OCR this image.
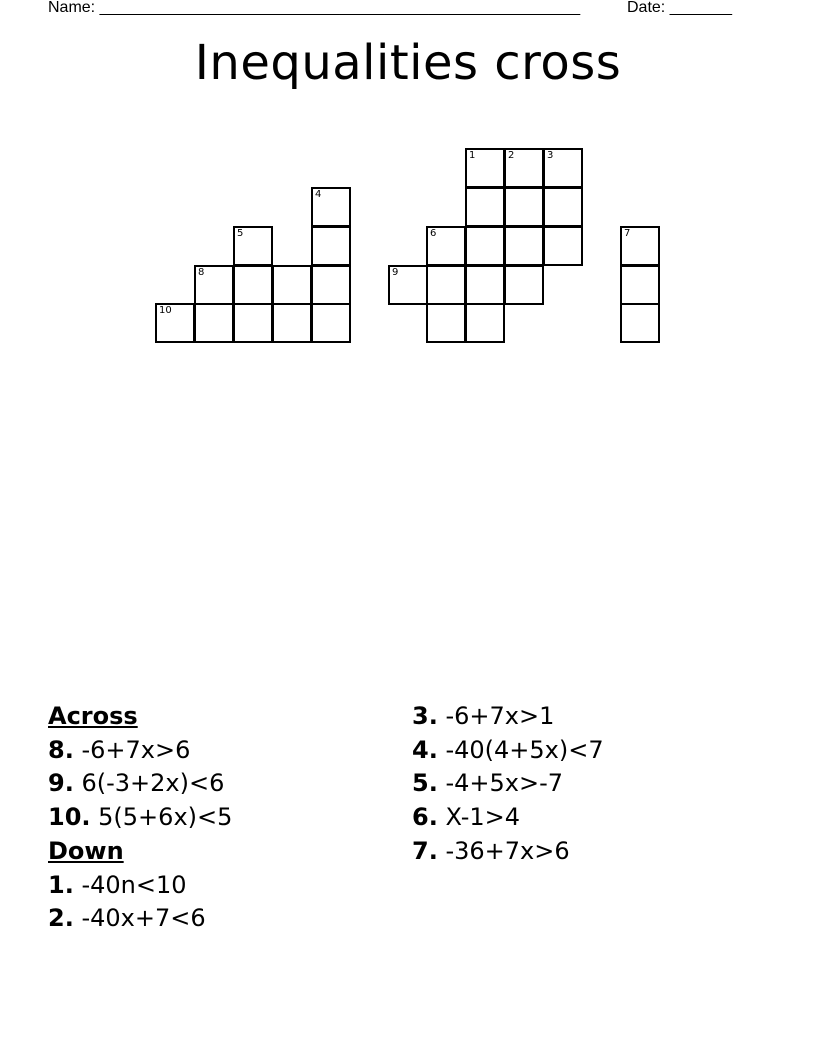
Name: ______________________________________________________	Date: _______
Inequalities cross
4
5
8
10
1	2	3
6
9
7
Across
8. -6+7x>6
9. 6(-3+2x)<6
10. 5(5+6x)<5
Down
1. -40n<10
2. -40x+7<6
3. -6+7x>1
4. -40(4+5x)<7
5. -4+5x>-7
6. X-1>4
7. -36+7x>6
